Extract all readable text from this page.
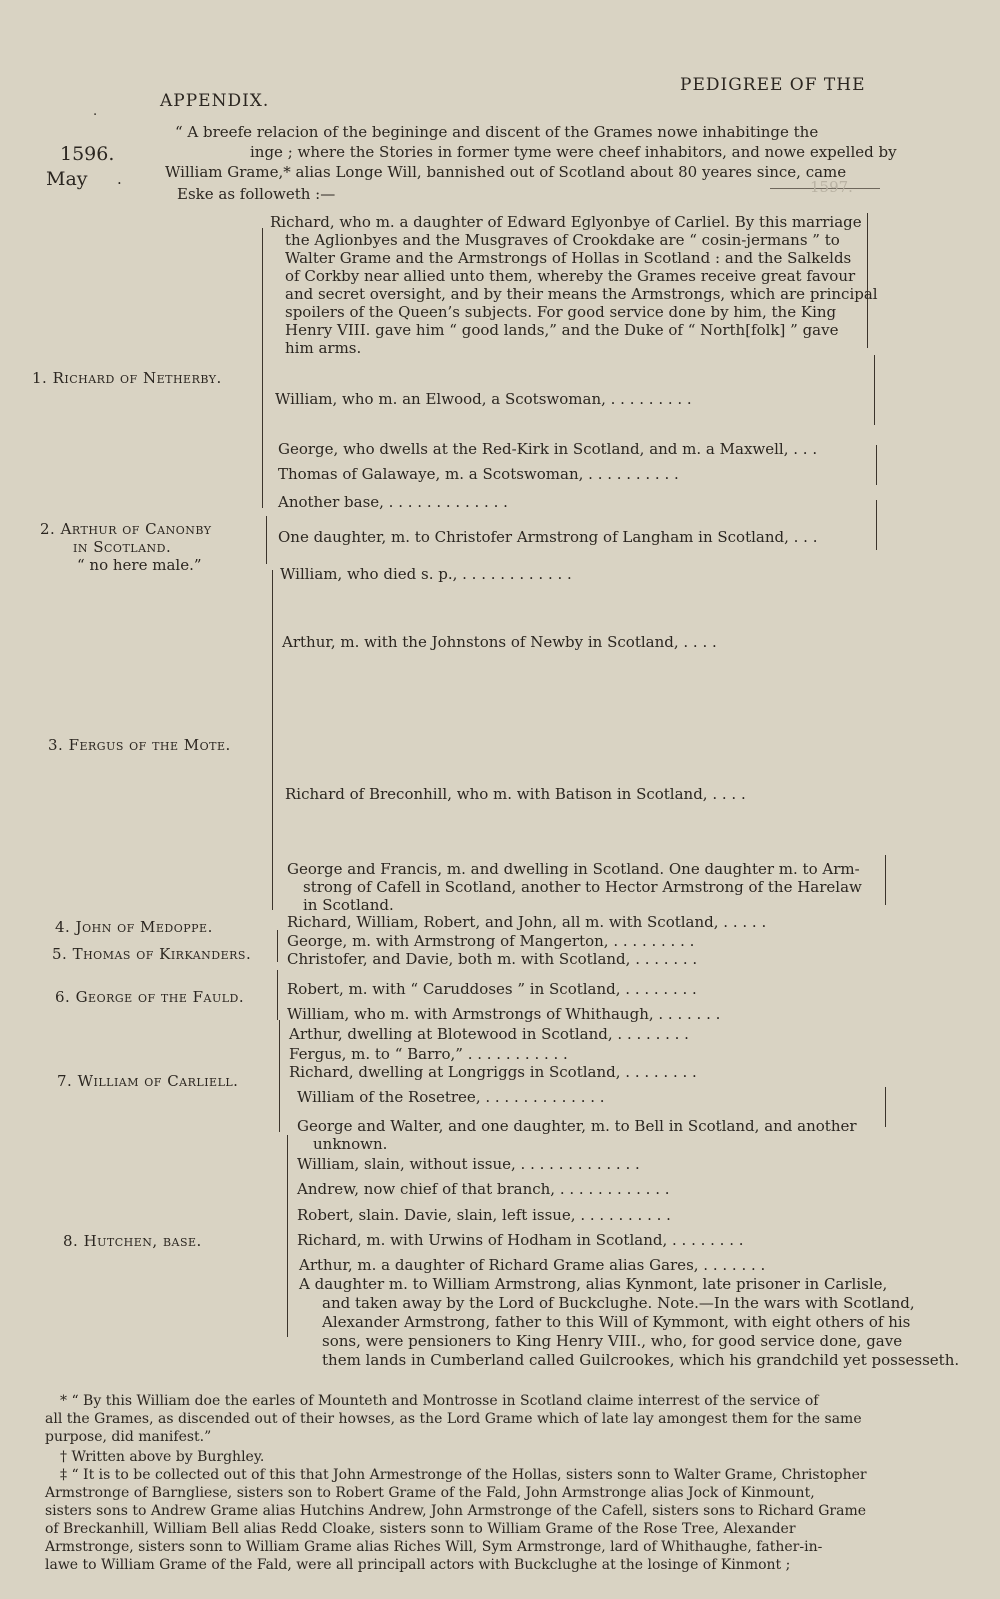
APPENDIX.
PEDIGREE OF THE
.
1596.
May .
“ A breefe relacion of the begininge and discent of the Grames nowe inhabitinge the
inge ; where the Stories in former tyme were cheef inhabitors, and nowe expelled by
William Grame,* alias Longe Will, bannished out of Scotland about 80 yeares since, came
Eske as followeth :—
1. Richard of Netherby.
2. Arthur of Canonby
in Scotland.
“ no here male.”
3. Fergus of the Mote.
4. John of Medoppe.
5. Thomas of Kirkanders.
6. George of the Fauld.
7. William of Carliell.
8. Hutchen, base.
Richard, who m. a daughter of Edward Eglyonbye of Carliel. By this marriage
the Aglionbyes and the Musgraves of Crookdake are “ cosin-jermans ” to
Walter Grame and the Armstrongs of Hollas in Scotland : and the Salkelds
of Corkby near allied unto them, whereby the Grames receive great favour
and secret oversight, and by their means the Armstrongs, which are principal
spoilers of the Queen’s subjects. For good service done by him, the King
Henry VIII. gave him “ good lands,” and the Duke of “ North[folk] ” gave
him arms.
William, who m. an Elwood, a Scotswoman, . . . . . . . . .
George, who dwells at the Red-Kirk in Scotland, and m. a Maxwell, . . .
Thomas of Galawaye, m. a Scotswoman, . . . . . . . . . .
Another base, . . . . . . . . . . . . .
One daughter, m. to Christofer Armstrong of Langham in Scotland, . . .
William, who died s. p., . . . . . . . . . . . .
Arthur, m. with the Johnstons of Newby in Scotland, . . . .
Richard of Breconhill, who m. with Batison in Scotland, . . . .
George and Francis, m. and dwelling in Scotland. One daughter m. to Arm-
strong of Cafell in Scotland, another to Hector Armstrong of the Harelaw
in Scotland.
Richard, William, Robert, and John, all m. with Scotland, . . . . .
George, m. with Armstrong of Mangerton, . . . . . . . . .
Christofer, and Davie, both m. with Scotland, . . . . . . .
Robert, m. with “ Caruddoses ” in Scotland, . . . . . . . .
William, who m. with Armstrongs of Whithaugh, . . . . . . .
Arthur, dwelling at Blotewood in Scotland, . . . . . . . .
Fergus, m. to “ Barro,” . . . . . . . . . . .
Richard, dwelling at Longriggs in Scotland, . . . . . . . .
William of the Rosetree, . . . . . . . . . . . . .
George and Walter, and one daughter, m. to Bell in Scotland, and another
unknown.
William, slain, without issue, . . . . . . . . . . . . .
Andrew, now chief of that branch, . . . . . . . . . . . .
Robert, slain. Davie, slain, left issue, . . . . . . . . . .
Richard, m. with Urwins of Hodham in Scotland, . . . . . . . .
Arthur, m. a daughter of Richard Grame alias Gares, . . . . . . .
A daughter m. to William Armstrong, alias Kynmont, late prisoner in Carlisle,
and taken away by the Lord of Buckclughe. Note.—In the wars with Scotland,
Alexander Armstrong, father to this Will of Kymmont, with eight others of his
sons, were pensioners to King Henry VIII., who, for good service done, gave
them lands in Cumberland called Guilcrookes, which his grandchild yet possesseth.
* “ By this William doe the earles of Mounteth and Montrosse in Scotland claime interrest of the service of
all the Grames, as discended out of their howses, as the Lord Grame which of late lay amongest them for the same
purpose, did manifest.”
† Written above by Burghley.
‡ “ It is to be collected out of this that John Armestronge of the Hollas, sisters sonn to Walter Grame, Christopher
Armstronge of Barngliese, sisters son to Robert Grame of the Fald, John Armstronge alias Jock of Kinmount,
sisters sons to Andrew Grame alias Hutchins Andrew, John Armstronge of the Cafell, sisters sons to Richard Grame
of Breckanhill, William Bell alias Redd Cloake, sisters sonn to William Grame of the Rose Tree, Alexander
Armstronge, sisters sonn to William Grame alias Riches Will, Sym Armstronge, lard of Whithaughe, father-in-
lawe to William Grame of the Fald, were all principall actors with Buckclughe at the losinge of Kinmont ;
1597.
